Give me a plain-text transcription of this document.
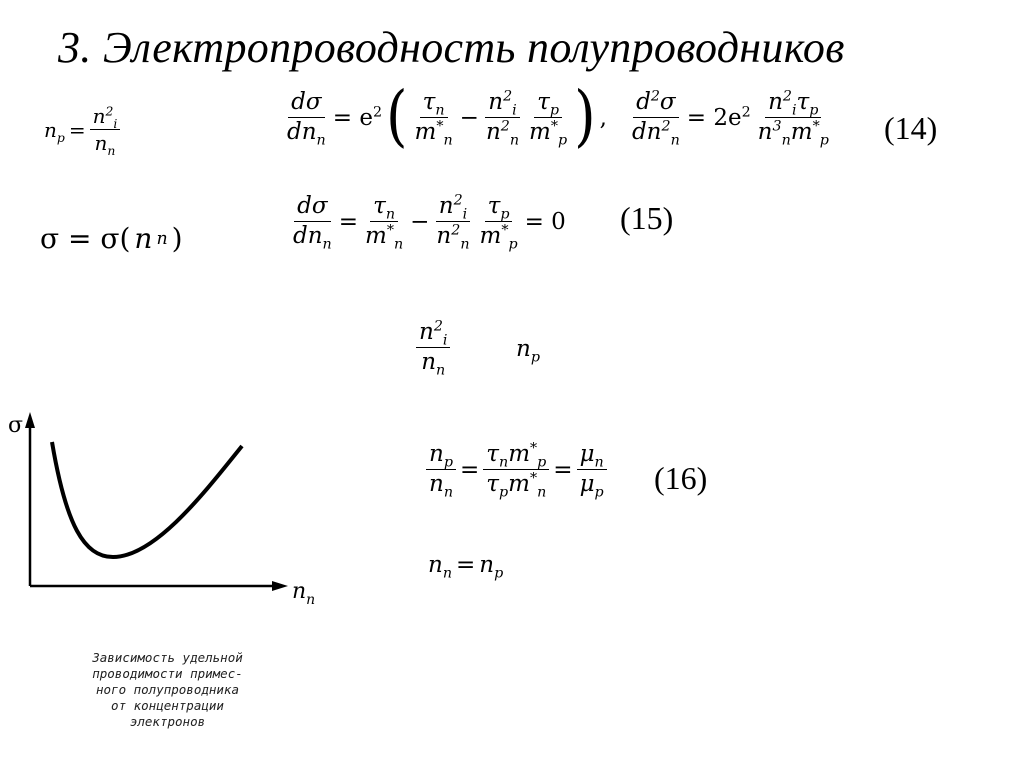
3. Электропроводность полупроводников
$n_p = \frac{n^2_i}{n_n}$
σ = σ( n n )
$\frac{d\sigma}{dn_n} = e^2$ ( $\frac{\tau_n}{m^*_n} - \frac{n^2_i}{n^2_n} \frac{\tau_p}{m^*_p}$ ) , $\frac{d^2\sigma}{dn^2_n} = 2e^2 \frac{n^2_i\tau_p}{n^3_nm^*_p} (14)$
$\frac{d\sigma}{dn_n} = \frac{\tau_n}{m^*_n} - \frac{n^2_i}{n^2_n} \frac{\tau_p}{m^*_p} = 0$ (15)
$\frac{n^2_i}{n_n}$	$n_p$
$\frac{n_p}{n_n} = \frac{\tau_nm^*_p}{\tau_pm^*_n} = \frac{\mu_n}{\mu_p} (16)$
$n_n = n_p$
σ
$n_n$
Зависимость удельной
проводимости примес-
ного полупроводника
от концентрации
электронов
